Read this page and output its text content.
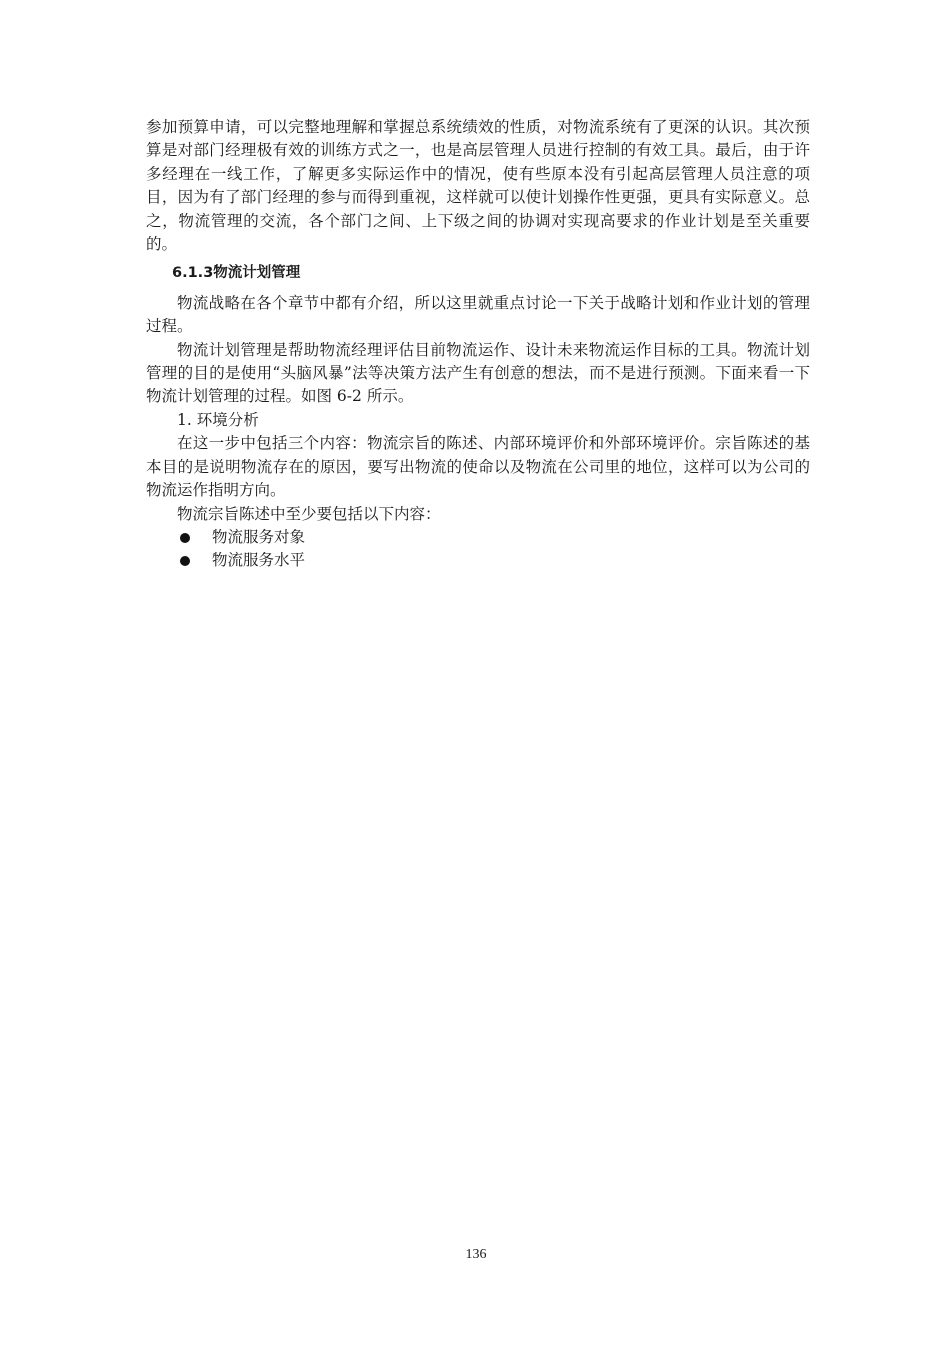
参加预算申请，可以完整地理解和掌握总系统绩效的性质，对物流系统有了更深的认识。其次预算是对部门经理极有效的训练方式之一，也是高层管理人员进行控制的有效工具。最后，由于许多经理在一线工作，了解更多实际运作中的情况，使有些原本没有引起高层管理人员注意的项目，因为有了部门经理的参与而得到重视，这样就可以使计划操作性更强，更具有实际意义。总之，物流管理的交流，各个部门之间、上下级之间的协调对实现高要求的作业计划是至关重要的。

6.1.3物流计划管理

物流战略在各个章节中都有介绍，所以这里就重点讨论一下关于战略计划和作业计划的管理过程。

物流计划管理是帮助物流经理评估目前物流运作、设计未来物流运作目标的工具。物流计划管理的目的是使用“头脑风暴”法等决策方法产生有创意的想法，而不是进行预测。下面来看一下物流计划管理的过程。如图 6-2 所示。

1. 环境分析

在这一步中包括三个内容：物流宗旨的陈述、内部环境评价和外部环境评价。宗旨陈述的基本目的是说明物流存在的原因，要写出物流的使命以及物流在公司里的地位，这样可以为公司的物流运作指明方向。

物流宗旨陈述中至少要包括以下内容：

物流服务对象
物流服务水平
136
